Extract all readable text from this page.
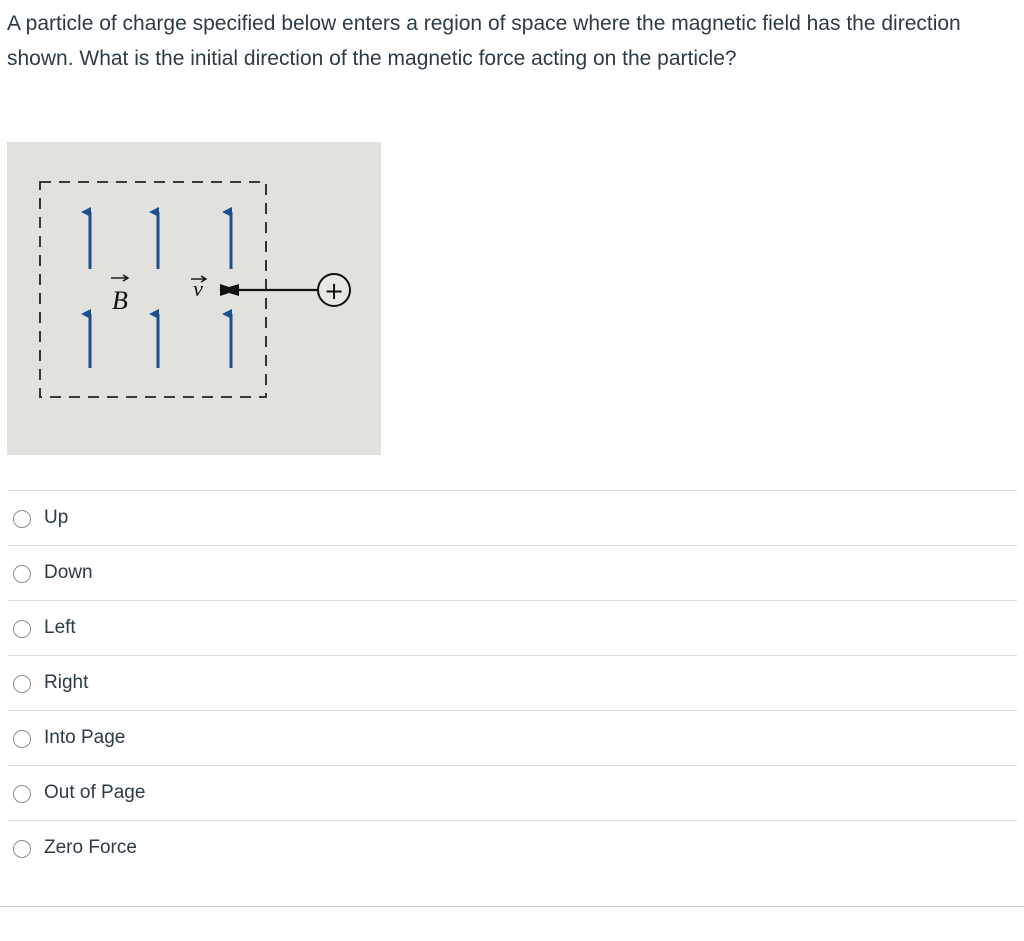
A particle of charge specified below enters a region of space where the magnetic field has the direction shown. What is the initial direction of the magnetic force acting on the particle?
B	v	+
Up
Down
Left
Right
Into Page
Out of Page
Zero Force
